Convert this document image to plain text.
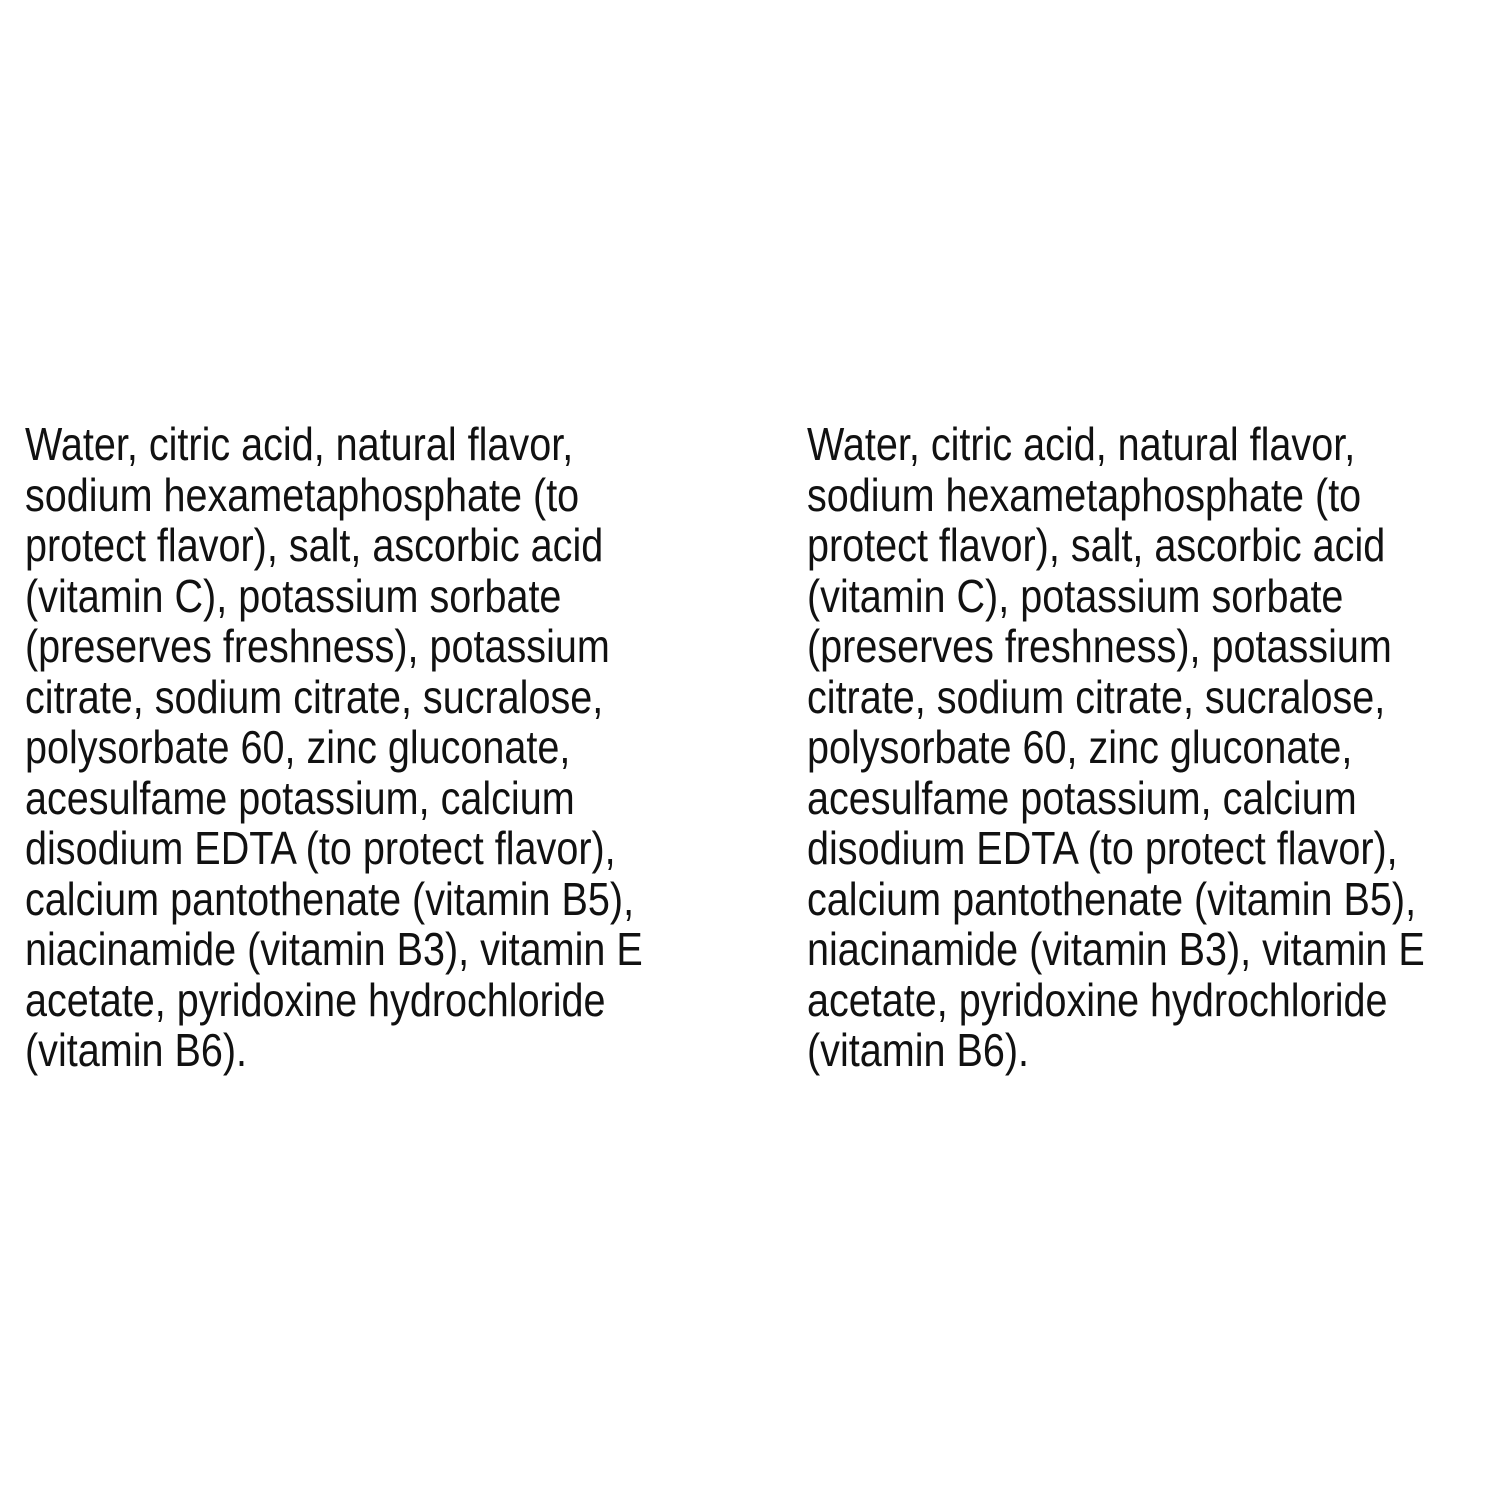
Water, citric acid, natural flavor,
sodium hexametaphosphate (to
protect flavor), salt, ascorbic acid
(vitamin C), potassium sorbate
(preserves freshness), potassium
citrate, sodium citrate, sucralose,
polysorbate 60, zinc gluconate,
acesulfame potassium, calcium
disodium EDTA (to protect flavor),
calcium pantothenate (vitamin B5),
niacinamide (vitamin B3), vitamin E
acetate, pyridoxine hydrochloride
(vitamin B6).
Water, citric acid, natural flavor,
sodium hexametaphosphate (to
protect flavor), salt, ascorbic acid
(vitamin C), potassium sorbate
(preserves freshness), potassium
citrate, sodium citrate, sucralose,
polysorbate 60, zinc gluconate,
acesulfame potassium, calcium
disodium EDTA (to protect flavor),
calcium pantothenate (vitamin B5),
niacinamide (vitamin B3), vitamin E
acetate, pyridoxine hydrochloride
(vitamin B6).
